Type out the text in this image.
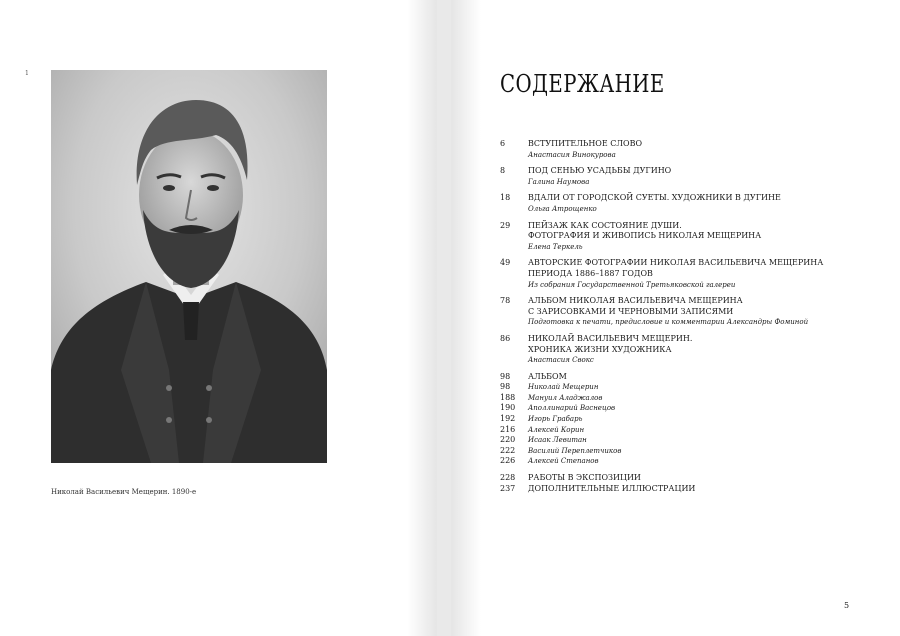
1
Николай Васильевич Мещерин. 1890-е
СОДЕРЖАНИЕ
6	ВСТУПИТЕЛЬНОЕ СЛОВО
Анастасия Винокурова
8	ПОД СЕНЬЮ УСАДЬБЫ ДУГИНО
Галина Наумова
18	ВДАЛИ ОТ ГОРОДСКОЙ СУЕТЫ. ХУДОЖНИКИ В ДУГИНЕ
Ольга Атрощенко
29	ПЕЙЗАЖ КАК СОСТОЯНИЕ ДУШИ.
ФОТОГРАФИЯ И ЖИВОПИСЬ НИКОЛАЯ МЕЩЕРИНА
Елена Теркель
49	АВТОРСКИЕ ФОТОГРАФИИ НИКОЛАЯ ВАСИЛЬЕВИЧА МЕЩЕРИНА
ПЕРИОДА 1886–1887 ГОДОВ
Из собрания Государственной Третьяковской галереи
78	АЛЬБОМ НИКОЛАЯ ВАСИЛЬЕВИЧА МЕЩЕРИНА
С ЗАРИСОВКАМИ И ЧЕРНОВЫМИ ЗАПИСЯМИ
Подготовка к печати, предисловие и комментарии Александры Фоминой
86	НИКОЛАЙ ВАСИЛЬЕВИЧ МЕЩЕРИН.
ХРОНИКА ЖИЗНИ ХУДОЖНИКА
Анастасия Свокс
98	АЛЬБОМ
98	Николай Мещерин
188	Мануил Аладжалов
190	Аполлинарий Васнецов
192	Игорь Грабарь
216	Алексей Корин
220	Исаак Левитан
222	Василий Переплетчиков
226	Алексей Степанов
228	РАБОТЫ В ЭКСПОЗИЦИИ
237	ДОПОЛНИТЕЛЬНЫЕ ИЛЛЮСТРАЦИИ
5
